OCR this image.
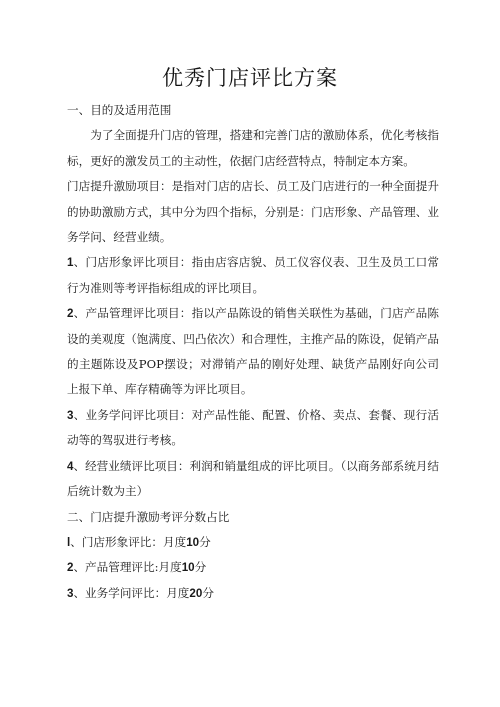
优秀门店评比方案

一、目的及适用范围

为了全面提升门店的管理，搭建和完善门店的激励体系，优化考核指标，更好的激发员工的主动性，依据门店经营特点，特制定本方案。

门店提升激励项目：是指对门店的店长、员工及门店进行的一种全面提升的协助激励方式，其中分为四个指标，分别是：门店形象、产品管理、业务学问、经营业绩。

1、门店形象评比项目：指由店容店貌、员工仪容仪表、卫生及员工口常行为准则等考评指标组成的评比项目。

2、产品管理评比项目：指以产品陈设的销售关联性为基础，门店产品陈设的美观度（饱满度、凹凸依次）和合理性，主推产品的陈设，促销产品的主题陈设及POP摆设；对滞销产品的刚好处理、缺货产品刚好向公司上报下单、库存精确等为评比项目。

3、业务学问评比项目：对产品性能、配置、价格、卖点、套餐、现行活动等的驾驭进行考核。

4、经营业绩评比项目：利润和销量组成的评比项目。（以商务部系统月结后统计数为主）

二、门店提升激励考评分数占比

l、门店形象评比：月度10分

2、产品管理评比:月度10分

3、业务学问评比：月度20分
